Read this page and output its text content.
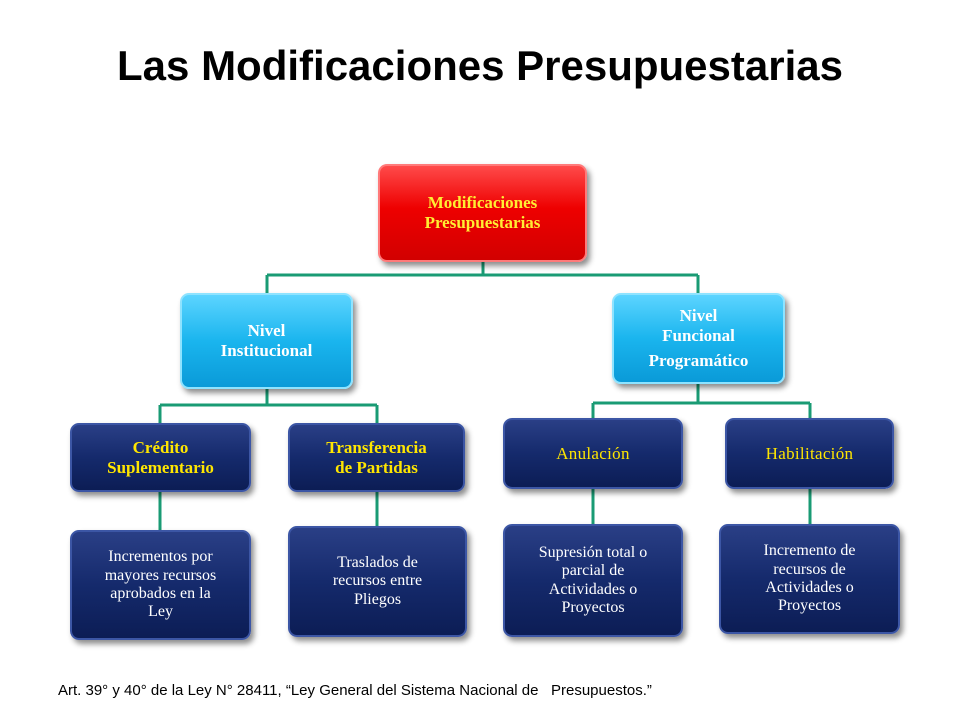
Las Modificaciones Presupuestarias
Modificaciones
Presupuestarias
Nivel
Institucional
Nivel
Funcional
Programático
Crédito
Suplementario
Transferencia
de Partidas
Anulación	Habilitación
Incrementos por
mayores recursos
aprobados en la
Ley
Traslados de
recursos entre
Pliegos
Supresión total o
parcial de
Actividades o
Proyectos
Incremento de
recursos de
Actividades o
Proyectos
Art. 39° y 40° de la Ley N° 28411, “Ley General del Sistema Nacional de   Presupuestos.”
